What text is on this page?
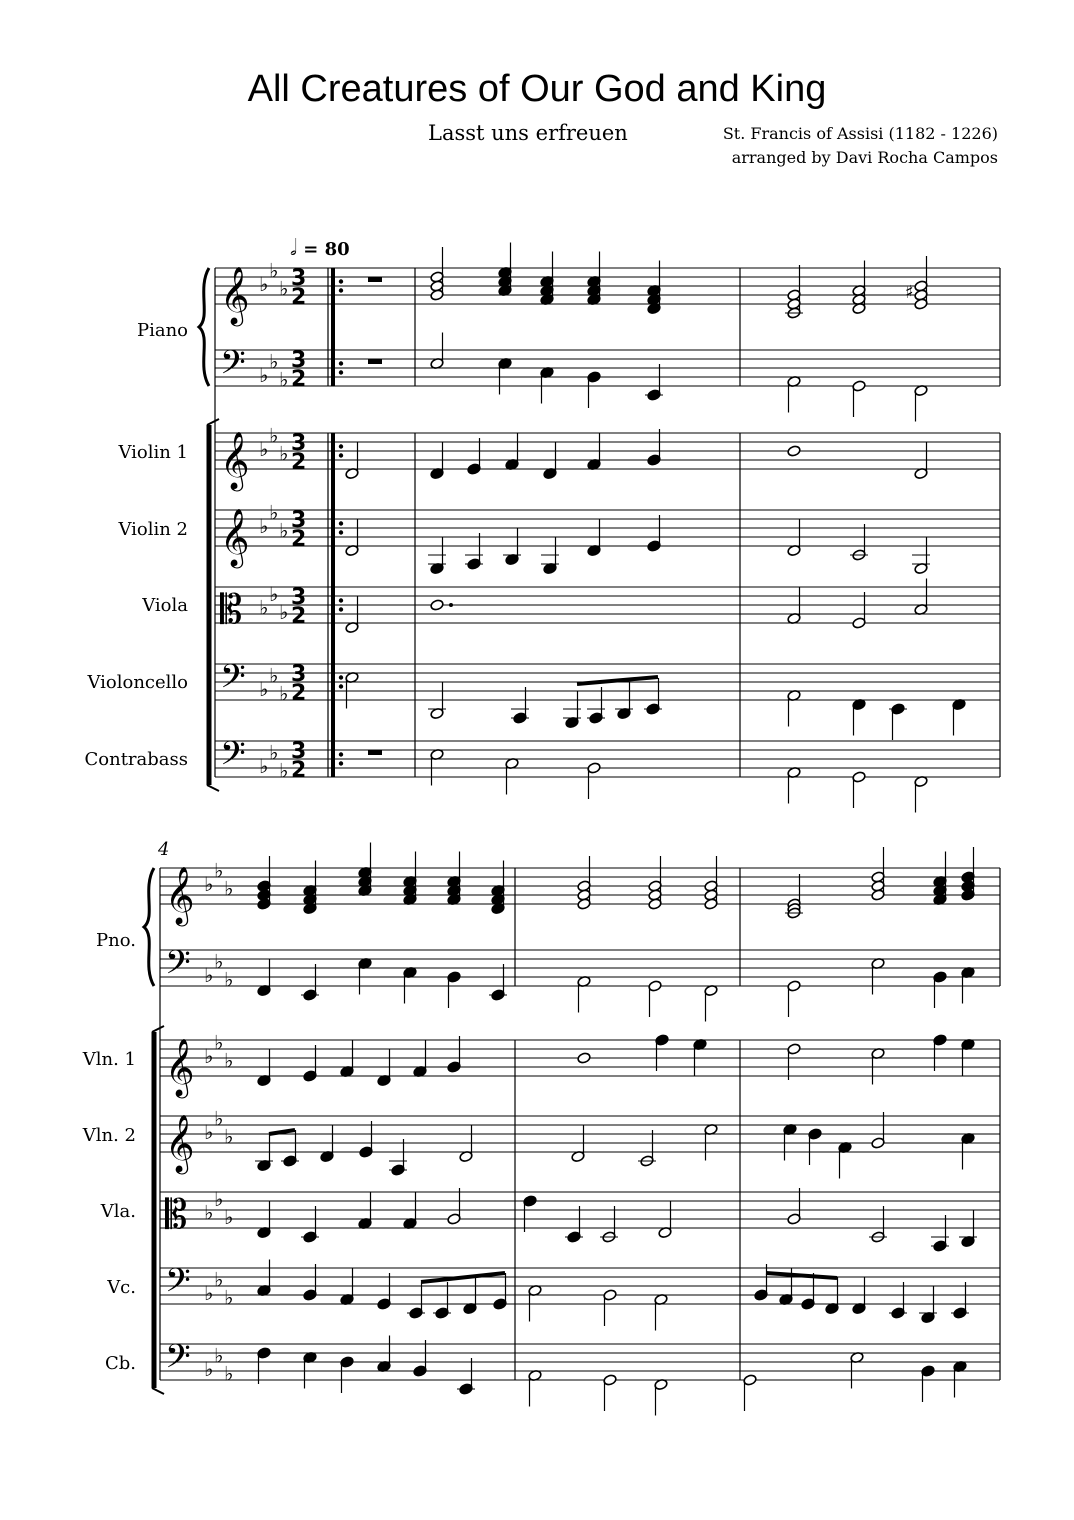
All Creatures of Our God and King
Lasst uns erfreuen	St. Francis of Assisi (1182 - 1226)
arranged by Davi Rocha Campos
𝅗𝅥 = 80
Piano
Violin 1
Violin 2
Viola
Violoncello
Contrabass
4
Pno.
Vln. 1
Vln. 2
Vla.
Vc.
Cb.
𝄞 ♭
♭
♭ 3
2
𝄢 ♭
♭
♭
3
2
𝄞 ♭
♭
♭ 3
2
𝄞 ♭
♭
♭ 3
2
𝄡 ♭
♭
♭
3
2
𝄢 ♭
♭
♭
3
2
𝄢 ♭
♭
♭
3
2
𝄞 ♭
♭
♭
𝄢 ♭
♭
♭
𝄞 ♭
♭
♭
𝄞 ♭
♭
♭
𝄡 ♭
♭
♭
𝄢 ♭
♭
♭
𝄢 ♭
♭
♭
♯
